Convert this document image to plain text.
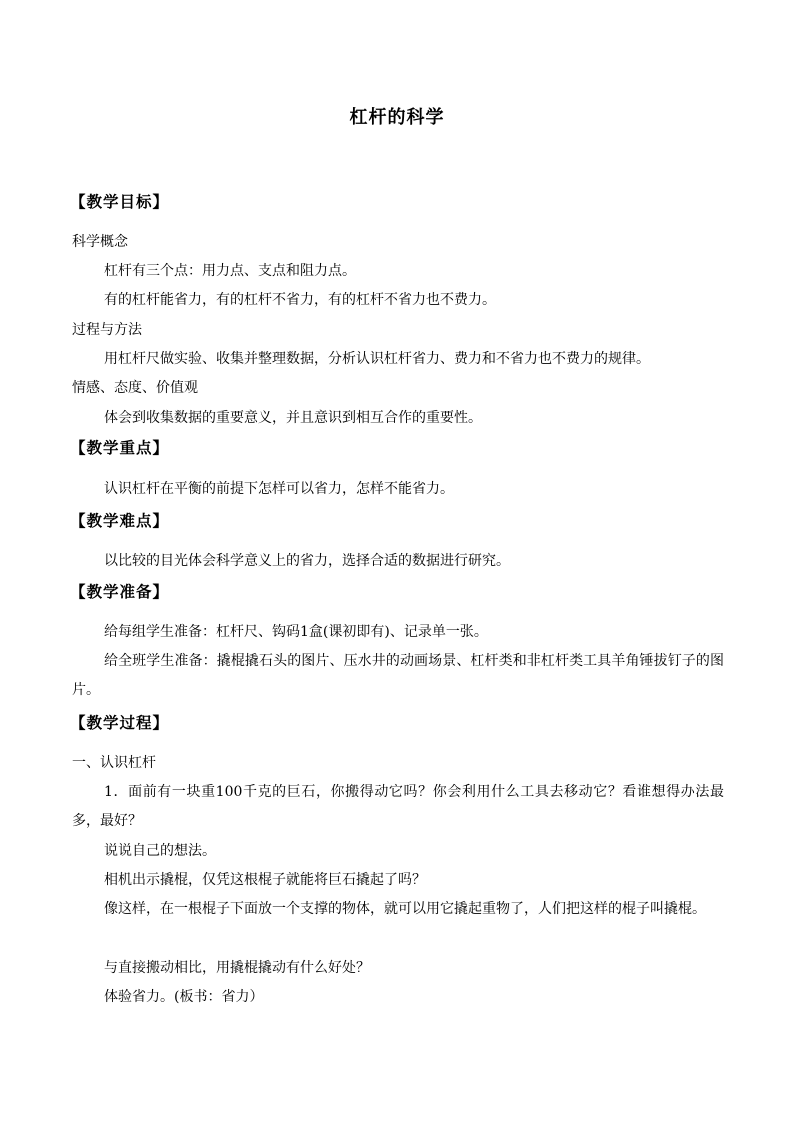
杠杆的科学
【教学目标】
科学概念
杠杆有三个点：用力点、支点和阻力点。
有的杠杆能省力，有的杠杆不省力，有的杠杆不省力也不费力。
过程与方法
用杠杆尺做实验、收集并整理数据，分析认识杠杆省力、费力和不省力也不费力的规律。
情感、态度、价值观
体会到收集数据的重要意义，并且意识到相互合作的重要性。
【教学重点】
认识杠杆在平衡的前提下怎样可以省力，怎样不能省力。
【教学难点】
以比较的目光体会科学意义上的省力，选择合适的数据进行研究。
【教学准备】
给每组学生准备：杠杆尺、钩码1盒(课初即有)、记录单一张。
给全班学生准备：撬棍撬石头的图片、压水井的动画场景、杠杆类和非杠杆类工具羊角锤拔钉子的图片。
【教学过程】
一、认识杠杆
1．面前有一块重100千克的巨石，你搬得动它吗？你会利用什么工具去移动它？看谁想得办法最多，最好？
说说自己的想法。
相机出示撬棍，仅凭这根棍子就能将巨石撬起了吗？
像这样，在一根棍子下面放一个支撑的物体，就可以用它撬起重物了，人们把这样的棍子叫撬棍。
与直接搬动相比，用撬棍撬动有什么好处？
体验省力。(板书：省力）
